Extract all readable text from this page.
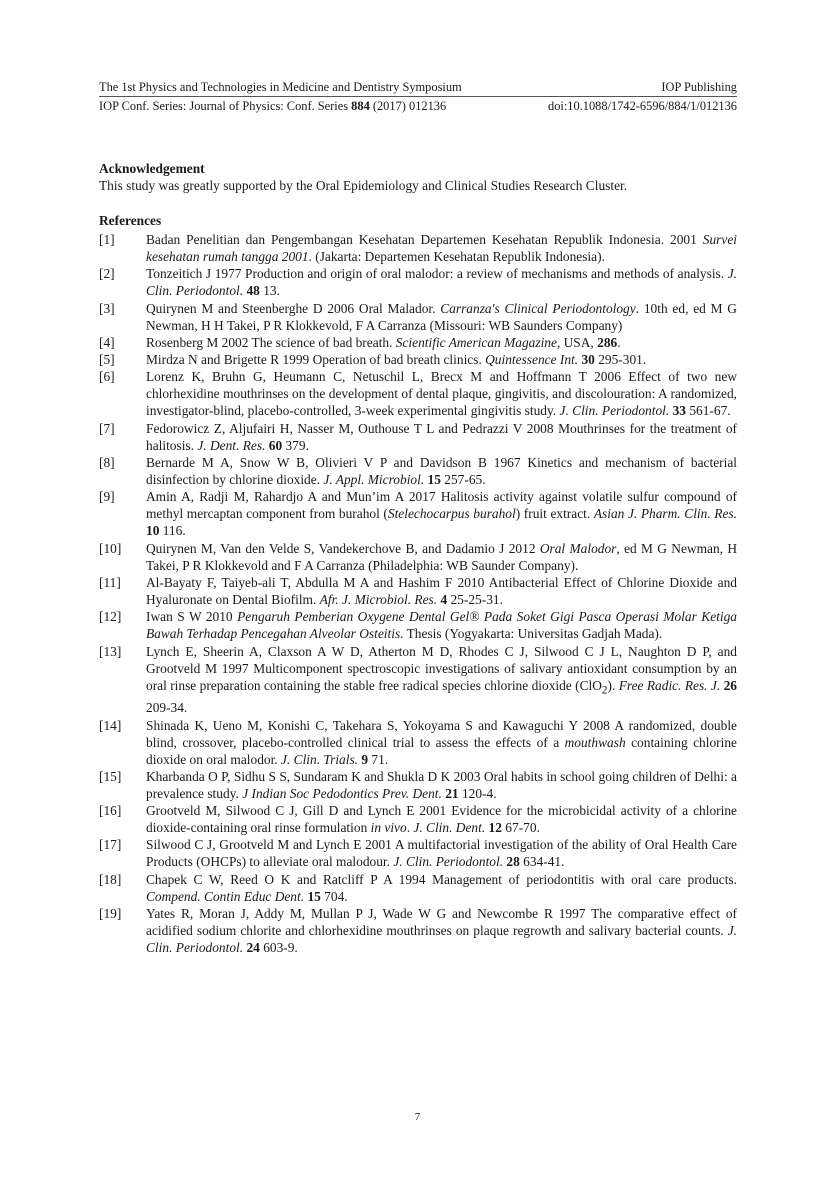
The 1st Physics and Technologies in Medicine and Dentistry Symposium	IOP Publishing
IOP Conf. Series: Journal of Physics: Conf. Series 884 (2017) 012136	doi:10.1088/1742-6596/884/1/012136
Acknowledgement
This study was greatly supported by the Oral Epidemiology and Clinical Studies Research Cluster.
References
[1] Badan Penelitian dan Pengembangan Kesehatan Departemen Kesehatan Republik Indonesia. 2001 Survei kesehatan rumah tangga 2001. (Jakarta: Departemen Kesehatan Republik Indonesia).
[2] Tonzeitich J 1977 Production and origin of oral malodor: a review of mechanisms and methods of analysis. J. Clin. Periodontol. 48 13.
[3] Quirynen M and Steenberghe D 2006 Oral Malador. Carranza's Clinical Periodontology. 10th ed, ed M G Newman, H H Takei, P R Klokkevold, F A Carranza (Missouri: WB Saunders Company)
[4] Rosenberg M 2002 The science of bad breath. Scientific American Magazine, USA, 286.
[5] Mirdza N and Brigette R 1999 Operation of bad breath clinics. Quintessence Int. 30 295-301.
[6] Lorenz K, Bruhn G, Heumann C, Netuschil L, Brecx M and Hoffmann T 2006 Effect of two new chlorhexidine mouthrinses on the development of dental plaque, gingivitis, and discolouration: A randomized, investigator-blind, placebo-controlled, 3-week experimental gingivitis study. J. Clin. Periodontol. 33 561-67.
[7] Fedorowicz Z, Aljufairi H, Nasser M, Outhouse T L and Pedrazzi V 2008 Mouthrinses for the treatment of halitosis. J. Dent. Res. 60 379.
[8] Bernarde M A, Snow W B, Olivieri V P and Davidson B 1967 Kinetics and mechanism of bacterial disinfection by chlorine dioxide. J. Appl. Microbiol. 15 257-65.
[9] Amin A, Radji M, Rahardjo A and Mun’im A 2017 Halitosis activity against volatile sulfur compound of methyl mercaptan component from burahol (Stelechocarpus burahol) fruit extract. Asian J. Pharm. Clin. Res. 10 116.
[10] Quirynen M, Van den Velde S, Vandekerchove B, and Dadamio J 2012 Oral Malodor, ed M G Newman, H Takei, P R Klokkevold and F A Carranza (Philadelphia: WB Saunder Company).
[11] Al-Bayaty F, Taiyeb-ali T, Abdulla M A and Hashim F 2010 Antibacterial Effect of Chlorine Dioxide and Hyaluronate on Dental Biofilm. Afr. J. Microbiol. Res. 4 25-25-31.
[12] Iwan S W 2010 Pengaruh Pemberian Oxygene Dental Gel® Pada Soket Gigi Pasca Operasi Molar Ketiga Bawah Terhadap Pencegahan Alveolar Osteitis. Thesis (Yogyakarta: Universitas Gadjah Mada).
[13] Lynch E, Sheerin A, Claxson A W D, Atherton M D, Rhodes C J, Silwood C J L, Naughton D P, and Grootveld M 1997 Multicomponent spectroscopic investigations of salivary antioxidant consumption by an oral rinse preparation containing the stable free radical species chlorine dioxide (ClO$_2$). Free Radic. Res. J. 26 209-34.
[14] Shinada K, Ueno M, Konishi C, Takehara S, Yokoyama S and Kawaguchi Y 2008 A randomized, double blind, crossover, placebo-controlled clinical trial to assess the effects of a mouthwash containing chlorine dioxide on oral malodor. J. Clin. Trials. 9 71.
[15] Kharbanda O P, Sidhu S S, Sundaram K and Shukla D K 2003 Oral habits in school going children of Delhi: a prevalence study. J Indian Soc Pedodontics Prev. Dent. 21 120-4.
[16] Grootveld M, Silwood C J, Gill D and Lynch E 2001 Evidence for the microbicidal activity of a chlorine dioxide-containing oral rinse formulation in vivo. J. Clin. Dent. 12 67-70.
[17] Silwood C J, Grootveld M and Lynch E 2001 A multifactorial investigation of the ability of Oral Health Care Products (OHCPs) to alleviate oral malodour. J. Clin. Periodontol. 28 634-41.
[18] Chapek C W, Reed O K and Ratcliff P A 1994 Management of periodontitis with oral care products. Compend. Contin Educ Dent. 15 704.
[19] Yates R, Moran J, Addy M, Mullan P J, Wade W G and Newcombe R 1997 The comparative effect of acidified sodium chlorite and chlorhexidine mouthrinses on plaque regrowth and salivary bacterial counts. J. Clin. Periodontol. 24 603-9.
7
